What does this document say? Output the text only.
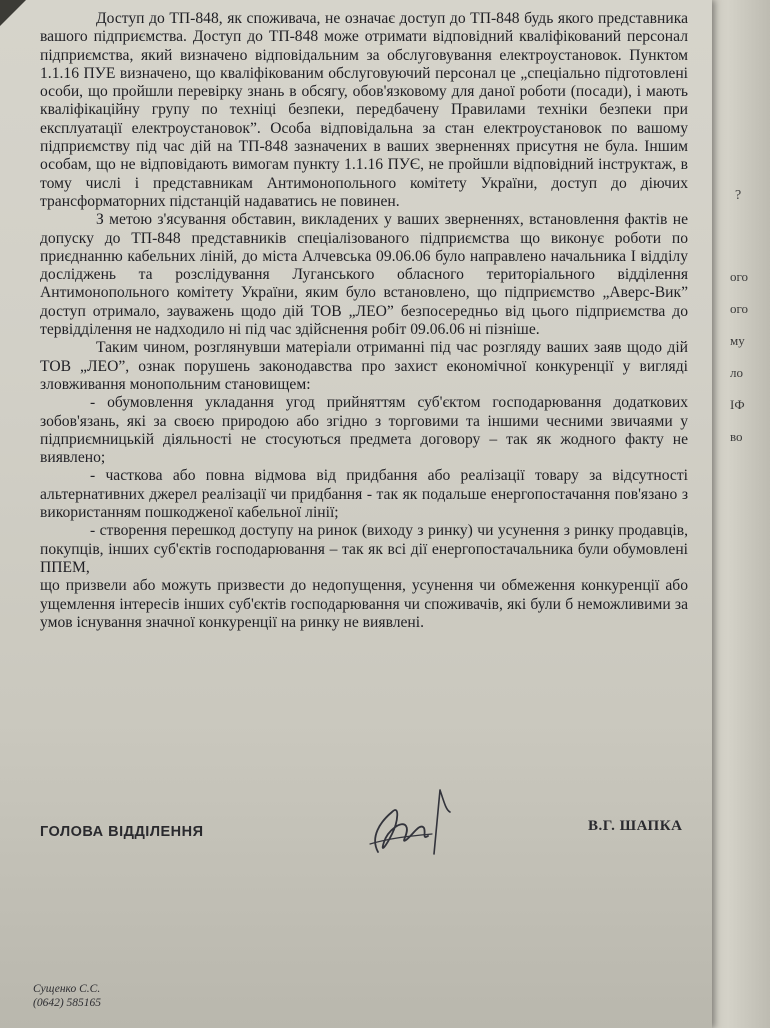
ого
ого
му
ло
ІФ
во

Доступ до ТП-848, як споживача, не означає доступ до ТП-848 будь якого представника вашого підприємства. Доступ до ТП-848 може отримати відповідний кваліфікований персонал підприємства, який визначено відповідальним за обслуговування електроустановок. Пунктом 1.1.16 ПУЕ визначено, що кваліфікованим обслуговуючий персонал це „спеціально підготовлені особи, що пройшли перевірку знань в обсягу, обов'язковому для даної роботи (посади), і мають кваліфікаційну групу по техніці безпеки, передбачену Правилами техніки безпеки при експлуатації електроустановок”. Особа відповідальна за стан електроустановок по вашому підприємству під час дій на ТП-848 зазначених в ваших зверненнях присутня не була. Іншим особам, що не відповідають вимогам пункту 1.1.16 ПУЄ, не пройшли відповідний інструктаж, в тому числі і представникам Антимонопольного комітету України, доступ до діючих трансформаторних підстанцій надаватись не повинен.

З метою з'ясування обставин, викладених у ваших зверненнях, встановлення фактів не допуску до ТП-848 представників спеціалізованого підприємства що виконує роботи по приєднанню кабельних ліній, до міста Алчевська 09.06.06 було направлено начальника І відділу досліджень та розслідування Луганського обласного територіального відділення Антимонопольного комітету України, яким було встановлено, що підприємство „Аверс-Вик” доступ отримало, зауважень щодо дій ТОВ „ЛЕО” безпосередньо від цього підприємства до тервідділення не надходило ні під час здійснення робіт 09.06.06 ні пізніше.

Таким чином, розглянувши матеріали отриманні під час розгляду ваших заяв щодо дій ТОВ „ЛЕО”, ознак порушень законодавства про захист економічної конкуренції у вигляді зловживання монопольним становищем:

- обумовлення укладання угод прийняттям суб'єктом господарювання додаткових зобов'язань, які за своєю природою або згідно з торговими та іншими чесними звичаями у підприємницькій діяльності не стосуються предмета договору – так як жодного факту не виявлено;

- часткова або повна відмова від придбання або реалізації товару за відсутності альтернативних джерел реалізації чи придбання - так як подальше енергопостачання пов'язано з використанням пошкодженої кабельної лінії;

- створення перешкод доступу на ринок (виходу з ринку) чи усунення з ринку продавців, покупців, інших суб'єктів господарювання – так як всі дії енергопостачальника були обумовлені ППЕМ,

що призвели або можуть призвести до недопущення, усунення чи обмеження конкуренції або ущемлення інтересів інших суб'єктів господарювання чи споживачів, які були б неможливими за умов існування значної конкуренції на ринку не виявлені.

ГОЛОВА ВІДДІЛЕННЯ	В.Г. ШАПКА
Сущенко С.С.
(0642) 585165
?
